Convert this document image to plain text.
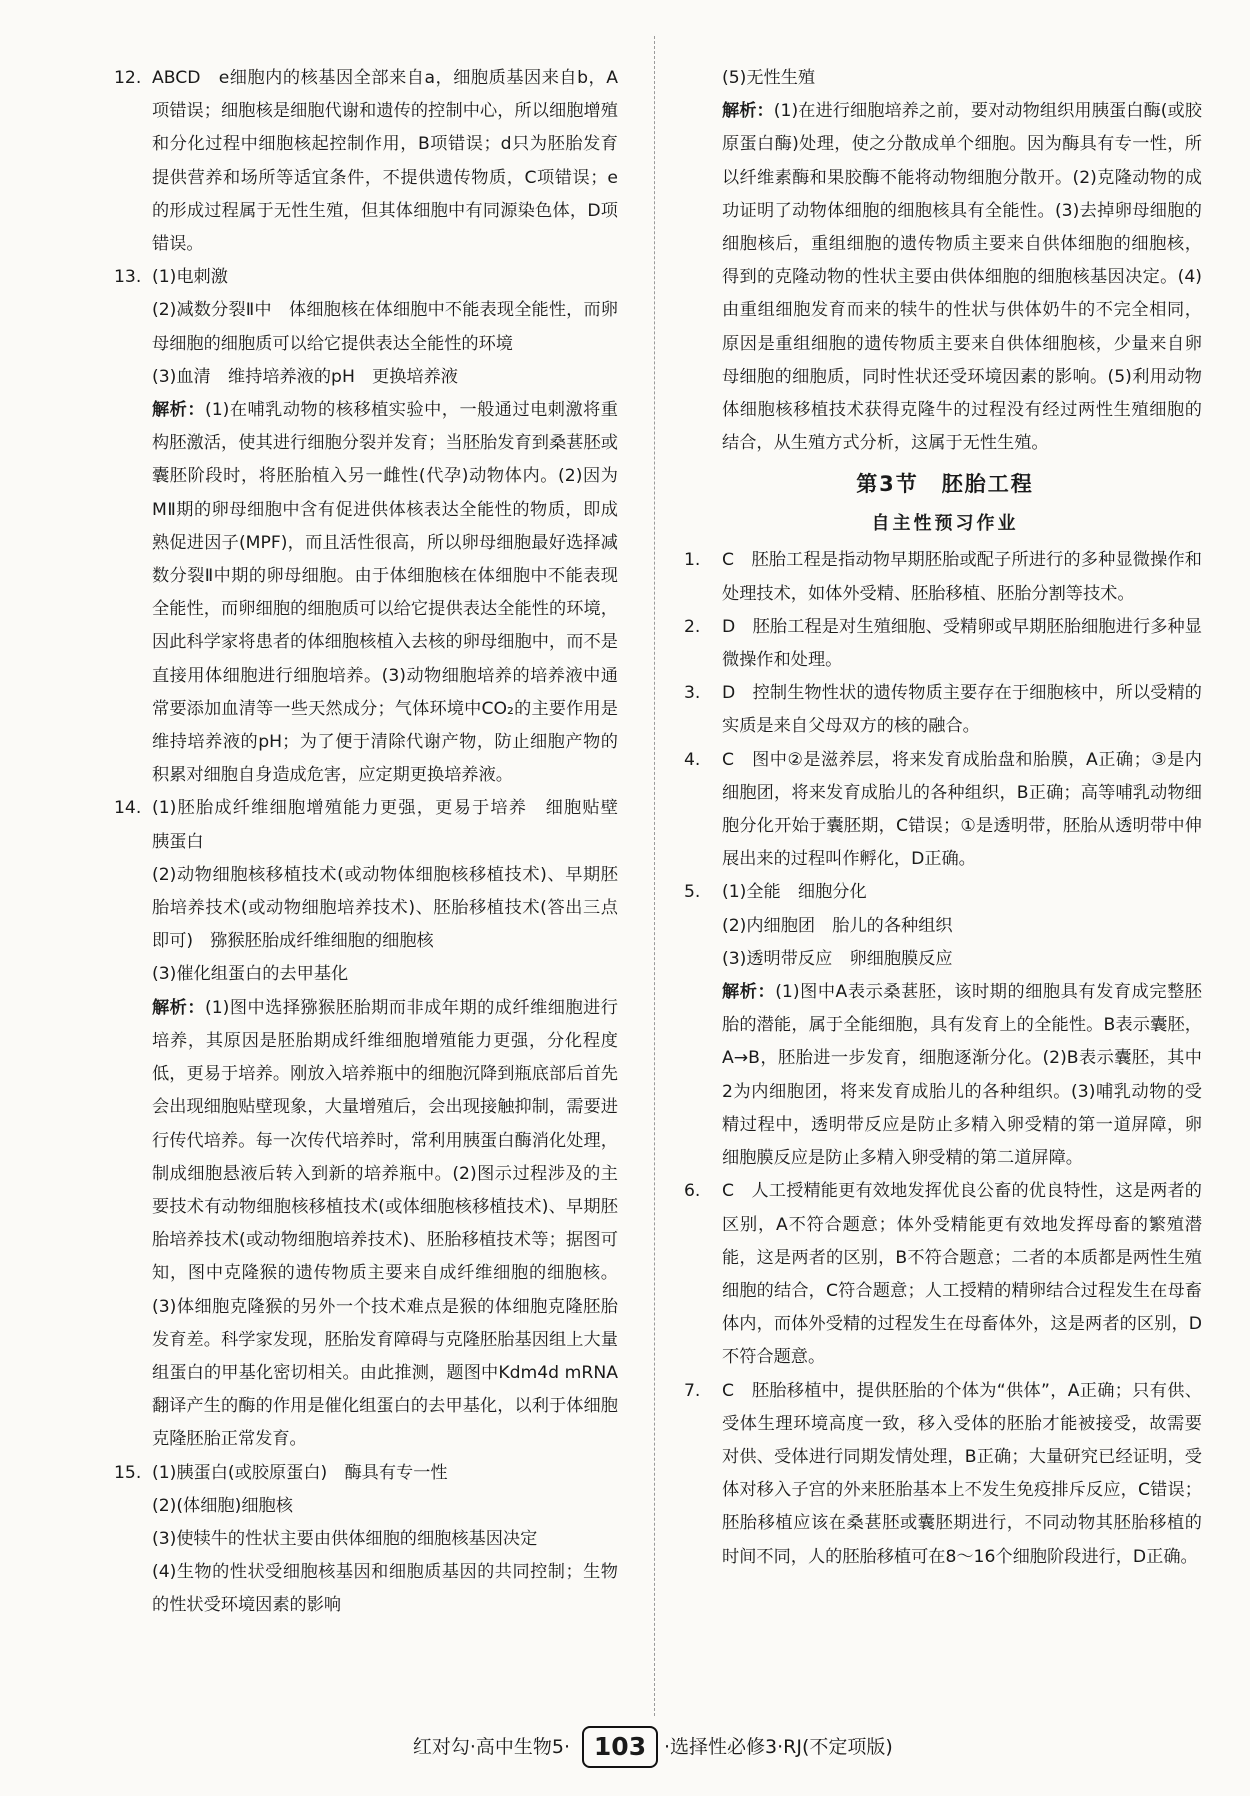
12. ABCD　e细胞内的核基因全部来自a，细胞质基因来自b，A项错误；细胞核是细胞代谢和遗传的控制中心，所以细胞增殖和分化过程中细胞核起控制作用，B项错误；d只为胚胎发育提供营养和场所等适宜条件，不提供遗传物质，C项错误；e的形成过程属于无性生殖，但其体细胞中有同源染色体，D项错误。

13. (1)电刺激

(2)减数分裂Ⅱ中　体细胞核在体细胞中不能表现全能性，而卵母细胞的细胞质可以给它提供表达全能性的环境

(3)血清　维持培养液的pH　更换培养液

解析：(1)在哺乳动物的核移植实验中，一般通过电刺激将重构胚激活，使其进行细胞分裂并发育；当胚胎发育到桑葚胚或囊胚阶段时，将胚胎植入另一雌性(代孕)动物体内。(2)因为MⅡ期的卵母细胞中含有促进供体核表达全能性的物质，即成熟促进因子(MPF)，而且活性很高，所以卵母细胞最好选择减数分裂Ⅱ中期的卵母细胞。由于体细胞核在体细胞中不能表现全能性，而卵细胞的细胞质可以给它提供表达全能性的环境，因此科学家将患者的体细胞核植入去核的卵母细胞中，而不是直接用体细胞进行细胞培养。(3)动物细胞培养的培养液中通常要添加血清等一些天然成分；气体环境中CO₂的主要作用是维持培养液的pH；为了便于清除代谢产物，防止细胞产物的积累对细胞自身造成危害，应定期更换培养液。

14. (1)胚胎成纤维细胞增殖能力更强，更易于培养　细胞贴壁　胰蛋白

(2)动物细胞核移植技术(或动物体细胞核移植技术)、早期胚胎培养技术(或动物细胞培养技术)、胚胎移植技术(答出三点即可)　猕猴胚胎成纤维细胞的细胞核

(3)催化组蛋白的去甲基化

解析：(1)图中选择猕猴胚胎期而非成年期的成纤维细胞进行培养，其原因是胚胎期成纤维细胞增殖能力更强，分化程度低，更易于培养。刚放入培养瓶中的细胞沉降到瓶底部后首先会出现细胞贴壁现象，大量增殖后，会出现接触抑制，需要进行传代培养。每一次传代培养时，常利用胰蛋白酶消化处理，制成细胞悬液后转入到新的培养瓶中。(2)图示过程涉及的主要技术有动物细胞核移植技术(或体细胞核移植技术)、早期胚胎培养技术(或动物细胞培养技术)、胚胎移植技术等；据图可知，图中克隆猴的遗传物质主要来自成纤维细胞的细胞核。(3)体细胞克隆猴的另外一个技术难点是猴的体细胞克隆胚胎发育差。科学家发现，胚胎发育障碍与克隆胚胎基因组上大量组蛋白的甲基化密切相关。由此推测，题图中Kdm4d mRNA翻译产生的酶的作用是催化组蛋白的去甲基化，以利于体细胞克隆胚胎正常发育。

15. (1)胰蛋白(或胶原蛋白)　酶具有专一性

(2)(体细胞)细胞核

(3)使犊牛的性状主要由供体细胞的细胞核基因决定

(4)生物的性状受细胞核基因和细胞质基因的共同控制；生物的性状受环境因素的影响

(5)无性生殖

解析：(1)在进行细胞培养之前，要对动物组织用胰蛋白酶(或胶原蛋白酶)处理，使之分散成单个细胞。因为酶具有专一性，所以纤维素酶和果胶酶不能将动物细胞分散开。(2)克隆动物的成功证明了动物体细胞的细胞核具有全能性。(3)去掉卵母细胞的细胞核后，重组细胞的遗传物质主要来自供体细胞的细胞核，得到的克隆动物的性状主要由供体细胞的细胞核基因决定。(4)由重组细胞发育而来的犊牛的性状与供体奶牛的不完全相同，原因是重组细胞的遗传物质主要来自供体细胞核，少量来自卵母细胞的细胞质，同时性状还受环境因素的影响。(5)利用动物体细胞核移植技术获得克隆牛的过程没有经过两性生殖细胞的结合，从生殖方式分析，这属于无性生殖。

第3节　胚胎工程
自主性预习作业
1. C　胚胎工程是指动物早期胚胎或配子所进行的多种显微操作和处理技术，如体外受精、胚胎移植、胚胎分割等技术。

2. D　胚胎工程是对生殖细胞、受精卵或早期胚胎细胞进行多种显微操作和处理。

3. D　控制生物性状的遗传物质主要存在于细胞核中，所以受精的实质是来自父母双方的核的融合。

4. C　图中②是滋养层，将来发育成胎盘和胎膜，A正确；③是内细胞团，将来发育成胎儿的各种组织，B正确；高等哺乳动物细胞分化开始于囊胚期，C错误；①是透明带，胚胎从透明带中伸展出来的过程叫作孵化，D正确。

5. (1)全能　细胞分化

(2)内细胞团　胎儿的各种组织

(3)透明带反应　卵细胞膜反应

解析：(1)图中A表示桑葚胚，该时期的细胞具有发育成完整胚胎的潜能，属于全能细胞，具有发育上的全能性。B表示囊胚，A→B，胚胎进一步发育，细胞逐渐分化。(2)B表示囊胚，其中2为内细胞团，将来发育成胎儿的各种组织。(3)哺乳动物的受精过程中，透明带反应是防止多精入卵受精的第一道屏障，卵细胞膜反应是防止多精入卵受精的第二道屏障。

6. C　人工授精能更有效地发挥优良公畜的优良特性，这是两者的区别，A不符合题意；体外受精能更有效地发挥母畜的繁殖潜能，这是两者的区别，B不符合题意；二者的本质都是两性生殖细胞的结合，C符合题意；人工授精的精卵结合过程发生在母畜体内，而体外受精的过程发生在母畜体外，这是两者的区别，D不符合题意。

7. C　胚胎移植中，提供胚胎的个体为“供体”，A正确；只有供、受体生理环境高度一致，移入受体的胚胎才能被接受，故需要对供、受体进行同期发情处理，B正确；大量研究已经证明，受体对移入子宫的外来胚胎基本上不发生免疫排斥反应，C错误；胚胎移植应该在桑葚胚或囊胚期进行，不同动物其胚胎移植的时间不同，人的胚胎移植可在8～16个细胞阶段进行，D正确。

红对勾·高中生物5· 103 ·选择性必修3·RJ(不定项版)
